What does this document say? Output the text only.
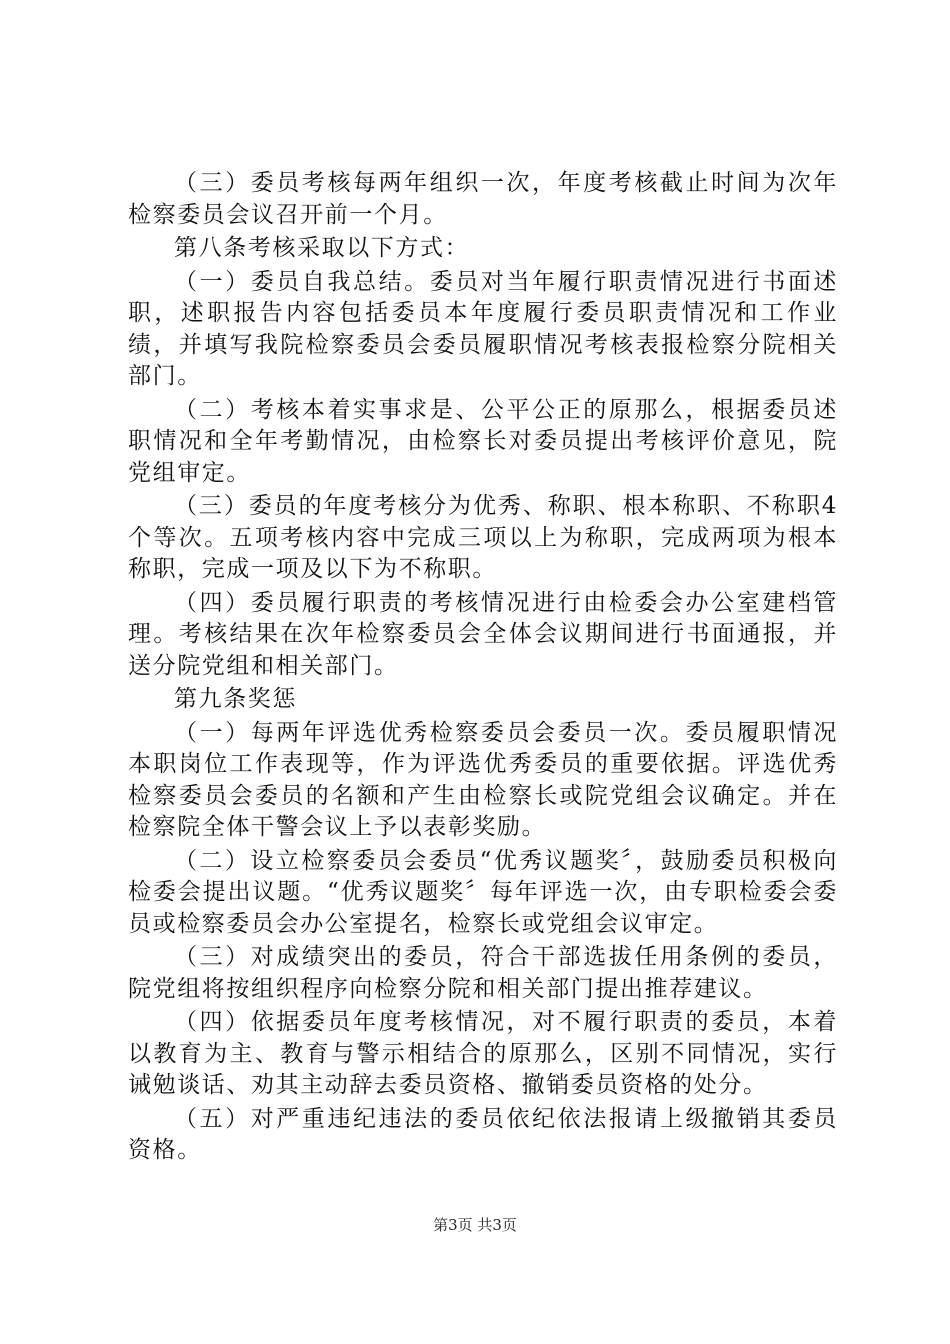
（三）委员考核每两年组织一次，年度考核截止时间为次年检察委员会议召开前一个月。

第八条考核采取以下方式：

（一）委员自我总结。委员对当年履行职责情况进行书面述职，述职报告内容包括委员本年度履行委员职责情况和工作业绩，并填写我院检察委员会委员履职情况考核表报检察分院相关部门。

（二）考核本着实事求是、公平公正的原那么，根据委员述职情况和全年考勤情况，由检察长对委员提出考核评价意见，院党组审定。

（三）委员的年度考核分为优秀、称职、根本称职、不称职4个等次。五项考核内容中完成三项以上为称职，完成两项为根本称职，完成一项及以下为不称职。

（四）委员履行职责的考核情况进行由检委会办公室建档管理。考核结果在次年检察委员会全体会议期间进行书面通报，并送分院党组和相关部门。

第九条奖惩

（一）每两年评选优秀检察委员会委员一次。委员履职情况本职岗位工作表现等，作为评选优秀委员的重要依据。评选优秀检察委员会委员的名额和产生由检察长或院党组会议确定。并在检察院全体干警会议上予以表彰奖励。

（二）设立检察委员会委员“优秀议题奖〞，鼓励委员积极向检委会提出议题。“优秀议题奖〞每年评选一次，由专职检委会委员或检察委员会办公室提名，检察长或党组会议审定。

（三）对成绩突出的委员，符合干部选拔任用条例的委员，院党组将按组织程序向检察分院和相关部门提出推荐建议。

（四）依据委员年度考核情况，对不履行职责的委员，本着以教育为主、教育与警示相结合的原那么，区别不同情况，实行诫勉谈话、劝其主动辞去委员资格、撤销委员资格的处分。

（五）对严重违纪违法的委员依纪依法报请上级撤销其委员资格。

第3页 共3页
